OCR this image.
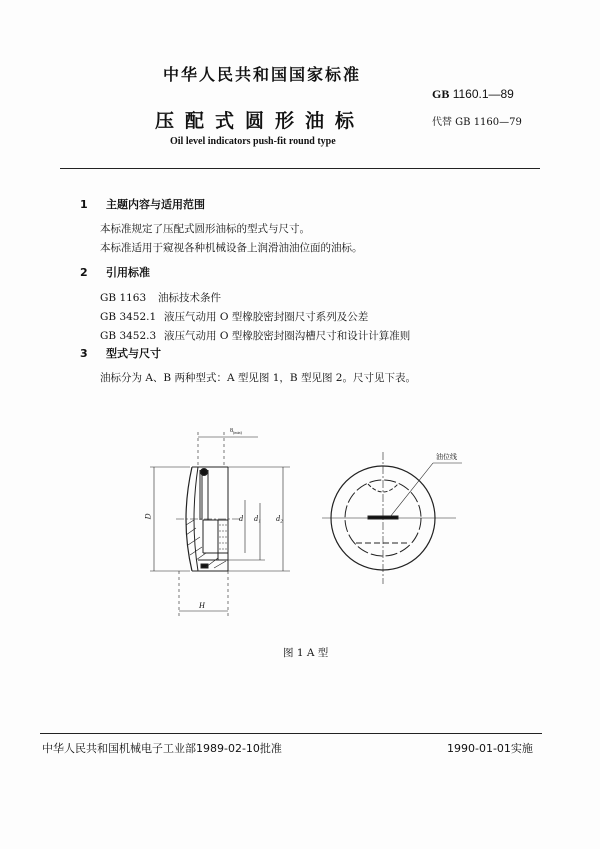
中华人民共和国国家标准
GB 1160.1—89
压配式圆形油标	代替 GB 1160—79
Oil level indicators push-fit round type
1 主题内容与适用范围
本标准规定了压配式圆形油标的型式与尺寸。
本标准适用于窥视各种机械设备上润滑油油位面的油标。
2 引用标准
GB 1163 油标技术条件
GB 3452.1 液压气动用 O 型橡胶密封圈尺寸系列及公差
GB 3452.3 液压气动用 O 型橡胶密封圈沟槽尺寸和设计计算准则
3 型式与尺寸
油标分为 A、B 两种型式：A 型见图 1，B 型见图 2。尺寸见下表。
D	d d₁ d₂
H
$8_{(min)}$
油位线
图 1 A 型
中华人民共和国机械电子工业部1989-02-10批准	1990-01-01实施
